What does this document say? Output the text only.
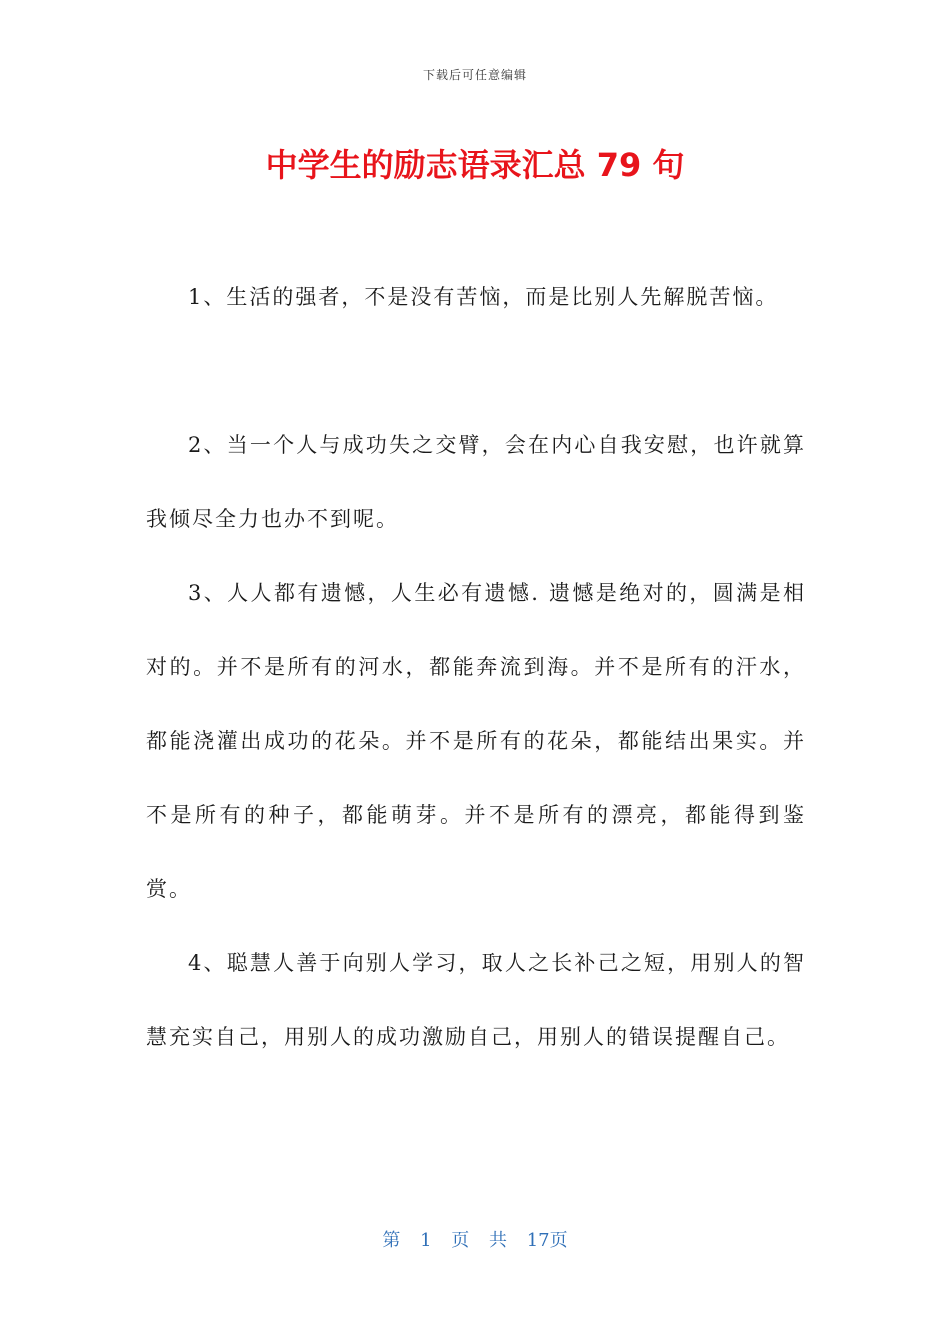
下载后可任意编辑
中学生的励志语录汇总 79 句

1、生活的强者，不是没有苦恼，而是比别人先解脱苦恼。

2、当一个人与成功失之交臂，会在内心自我安慰，也许就算我倾尽全力也办不到呢。

3、人人都有遗憾，人生必有遗憾. 遗憾是绝对的，圆满是相对的。并不是所有的河水，都能奔流到海。并不是所有的汗水，都能浇灌出成功的花朵。并不是所有的花朵，都能结出果实。并不是所有的种子，都能萌芽。并不是所有的漂亮，都能得到鉴赏。

4、聪慧人善于向别人学习，取人之长补己之短，用别人的智慧充实自己，用别人的成功激励自己，用别人的错误提醒自己。

第 1 页 共 17页
